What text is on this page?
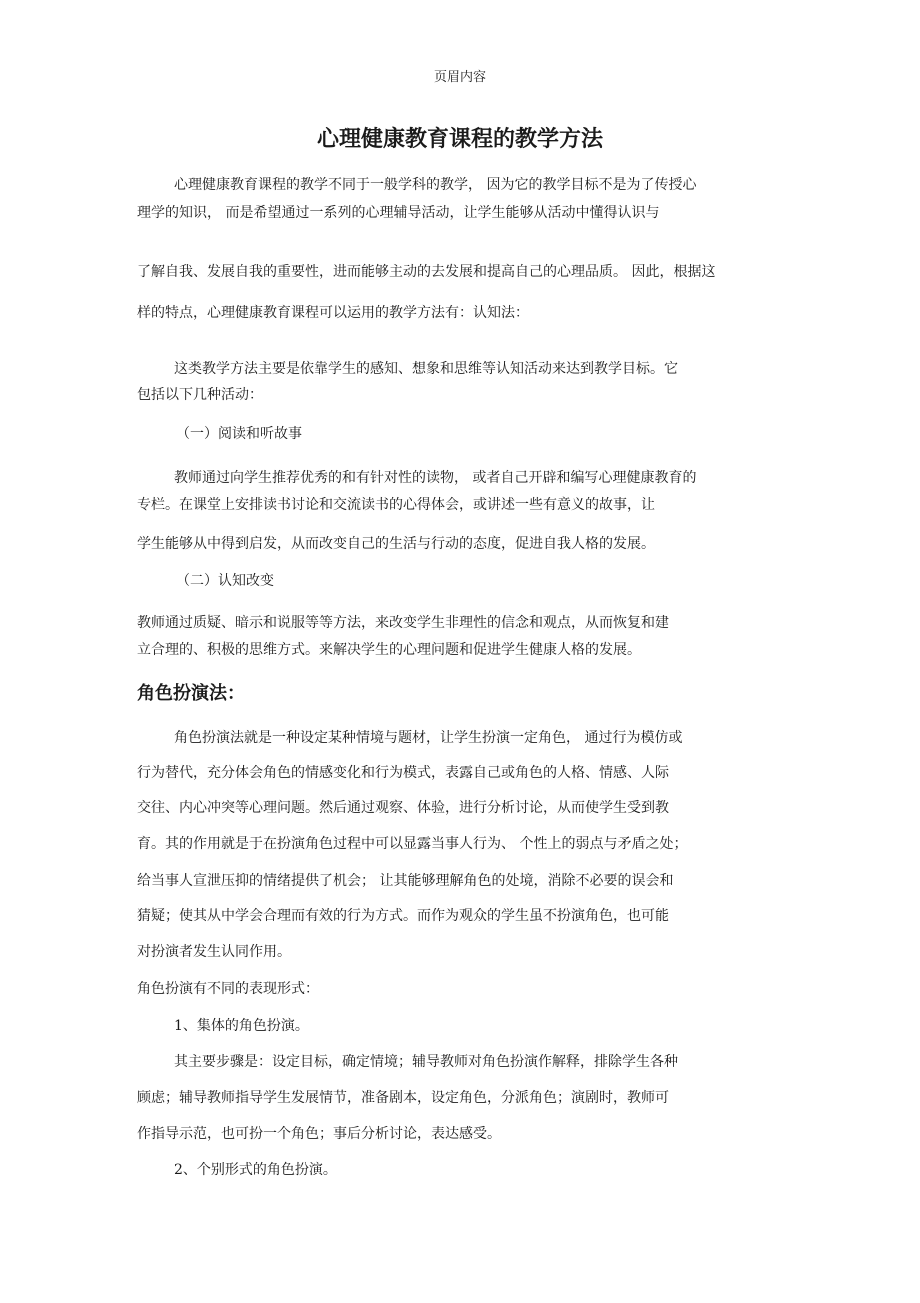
页眉内容
心理健康教育课程的教学方法

心理健康教育课程的教学不同于一般学科的教学， 因为它的教学目标不是为了传授心

理学的知识， 而是希望通过一系列的心理辅导活动，让学生能够从活动中懂得认识与

了解自我、发展自我的重要性，进而能够主动的去发展和提高自己的心理品质。 因此，根据这

样的特点，心理健康教育课程可以运用的教学方法有：认知法：

这类教学方法主要是依靠学生的感知、想象和思维等认知活动来达到教学目标。它

包括以下几种活动：

（一）阅读和听故事

教师通过向学生推荐优秀的和有针对性的读物， 或者自己开辟和编写心理健康教育的

专栏。在课堂上安排读书讨论和交流读书的心得体会，或讲述一些有意义的故事，让

学生能够从中得到启发，从而改变自己的生活与行动的态度，促进自我人格的发展。

（二）认知改变

教师通过质疑、暗示和说服等等方法，来改变学生非理性的信念和观点，从而恢复和建

立合理的、积极的思维方式。来解决学生的心理问题和促进学生健康人格的发展。

角色扮演法：

角色扮演法就是一种设定某种情境与题材，让学生扮演一定角色， 通过行为模仿或

行为替代，充分体会角色的情感变化和行为模式，表露自己或角色的人格、情感、人际

交往、内心冲突等心理问题。然后通过观察、体验，进行分析讨论，从而使学生受到教

育。其的作用就是于在扮演角色过程中可以显露当事人行为、 个性上的弱点与矛盾之处；

给当事人宣泄压抑的情绪提供了机会； 让其能够理解角色的处境，消除不必要的误会和

猜疑；使其从中学会合理而有效的行为方式。而作为观众的学生虽不扮演角色，也可能

对扮演者发生认同作用。

角色扮演有不同的表现形式：

1、集体的角色扮演。

其主要步骤是：设定目标，确定情境；辅导教师对角色扮演作解释，排除学生各种

顾虑；辅导教师指导学生发展情节，准备剧本，设定角色，分派角色；演剧时，教师可

作指导示范，也可扮一个角色；事后分析讨论，表达感受。

2、个别形式的角色扮演。
